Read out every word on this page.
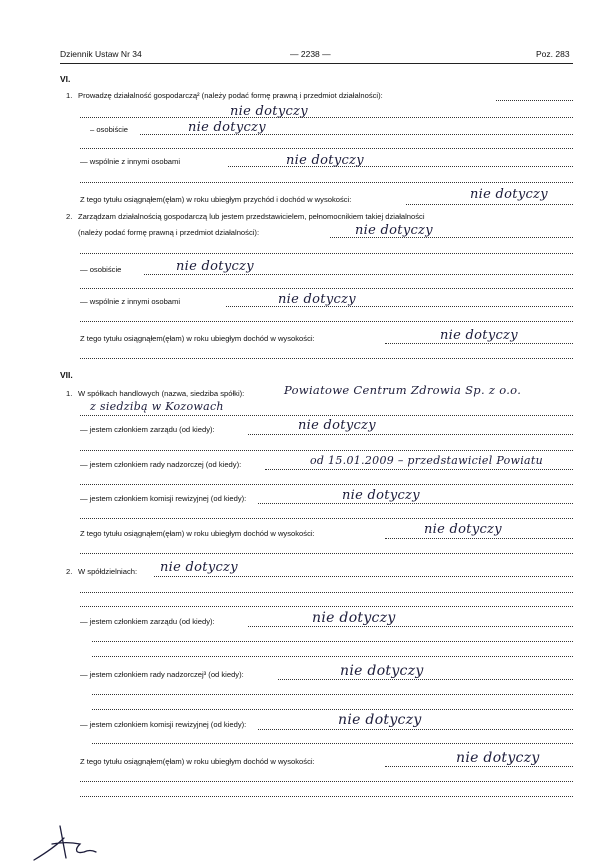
Dziennik Ustaw Nr 34	— 2238 —	Poz. 283
VI.
1. Prowadzę działalność gospodarczą² (należy podać formę prawną i przedmiot działalności):
nie dotyczy
– osobiście	nie dotyczy
— wspólnie z innymi osobami	nie dotyczy
Z tego tytułu osiągnąłem(ęłam) w roku ubiegłym przychód i dochód w wysokości:	nie dotyczy
2. Zarządzam działalnością gospodarczą lub jestem przedstawicielem, pełnomocnikiem takiej działalności
(należy podać formę prawną i przedmiot działalności):	nie dotyczy
— osobiście	nie dotyczy
— wspólnie z innymi osobami	nie dotyczy
Z tego tytułu osiągnąłem(ęłam) w roku ubiegłym dochód w wysokości:	nie dotyczy
VII.
1. W spółkach handlowych (nazwa, siedziba spółki):	Powiatowe Centrum Zdrowia Sp. z o.o.
z siedzibą w Kozowach
— jestem członkiem zarządu (od kiedy):	nie dotyczy
— jestem członkiem rady nadzorczej (od kiedy):	od 15.01.2009 – przedstawiciel Powiatu
— jestem członkiem komisji rewizyjnej (od kiedy):	nie dotyczy
Z tego tytułu osiągnąłem(ęłam) w roku ubiegłym dochód w wysokości:	nie dotyczy
2. W spółdzielniach: nie dotyczy
— jestem członkiem zarządu (od kiedy):	nie dotyczy
— jestem członkiem rady nadzorczej³ (od kiedy):	nie dotyczy
— jestem członkiem komisji rewizyjnej (od kiedy):	nie dotyczy
Z tego tytułu osiągnąłem(ęłam) w roku ubiegłym dochód w wysokości:	nie dotyczy
